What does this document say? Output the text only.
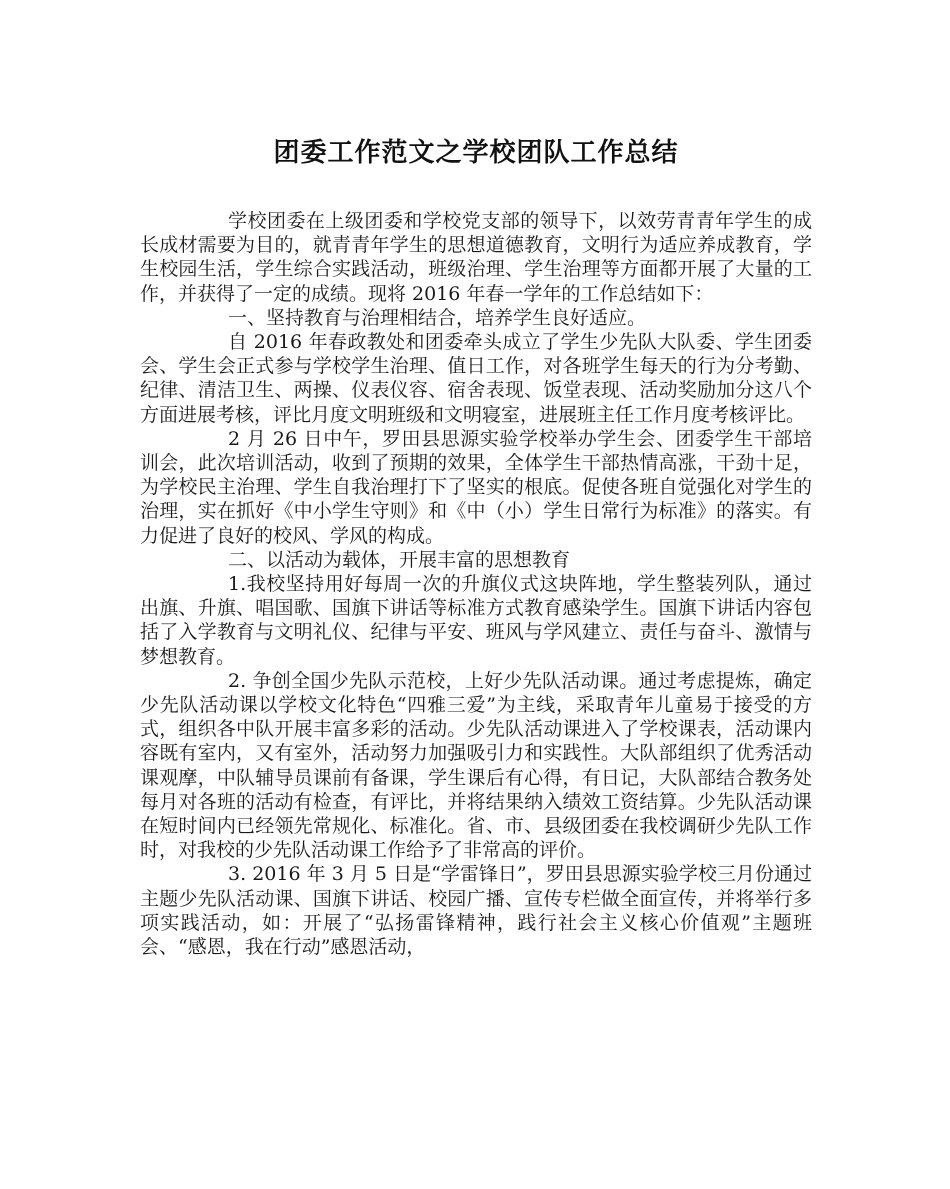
团委工作范文之学校团队工作总结

学校团委在上级团委和学校党支部的领导下，以效劳青青年学生的成长成材需要为目的，就青青年学生的思想道德教育，文明行为适应养成教育，学生校园生活，学生综合实践活动，班级治理、学生治理等方面都开展了大量的工作，并获得了一定的成绩。现将 2016 年春一学年的工作总结如下：

一、坚持教育与治理相结合，培养学生良好适应。

自 2016 年春政教处和团委牵头成立了学生少先队大队委、学生团委会、学生会正式参与学校学生治理、值日工作，对各班学生每天的行为分考勤、纪律、清洁卫生、两操、仪表仪容、宿舍表现、饭堂表现、活动奖励加分这八个方面进展考核，评比月度文明班级和文明寝室，进展班主任工作月度考核评比。

2 月 26 日中午，罗田县思源实验学校举办学生会、团委学生干部培训会，此次培训活动，收到了预期的效果，全体学生干部热情高涨，干劲十足，为学校民主治理、学生自我治理打下了坚实的根底。促使各班自觉强化对学生的治理，实在抓好《中小学生守则》和《中（小）学生日常行为标准》的落实。有力促进了良好的校风、学风的构成。

二、以活动为载体，开展丰富的思想教育

1.我校坚持用好每周一次的升旗仪式这块阵地，学生整装列队，通过出旗、升旗、唱国歌、国旗下讲话等标准方式教育感染学生。国旗下讲话内容包括了入学教育与文明礼仪、纪律与平安、班风与学风建立、责任与奋斗、激情与梦想教育。

2. 争创全国少先队示范校，上好少先队活动课。通过考虑提炼，确定少先队活动课以学校文化特色“四雅三爱”为主线，采取青年儿童易于接受的方式，组织各中队开展丰富多彩的活动。少先队活动课进入了学校课表，活动课内容既有室内，又有室外，活动努力加强吸引力和实践性。大队部组织了优秀活动课观摩，中队辅导员课前有备课，学生课后有心得，有日记，大队部结合教务处每月对各班的活动有检查，有评比，并将结果纳入绩效工资结算。少先队活动课在短时间内已经领先常规化、标准化。省、市、县级团委在我校调研少先队工作时，对我校的少先队活动课工作给予了非常高的评价。

3. 2016 年 3 月 5 日是“学雷锋日”，罗田县思源实验学校三月份通过主题少先队活动课、国旗下讲话、校园广播、宣传专栏做全面宣传，并将举行多项实践活动，如：开展了“弘扬雷锋精神，践行社会主义核心价值观”主题班会、“感恩，我在行动”感恩活动，
